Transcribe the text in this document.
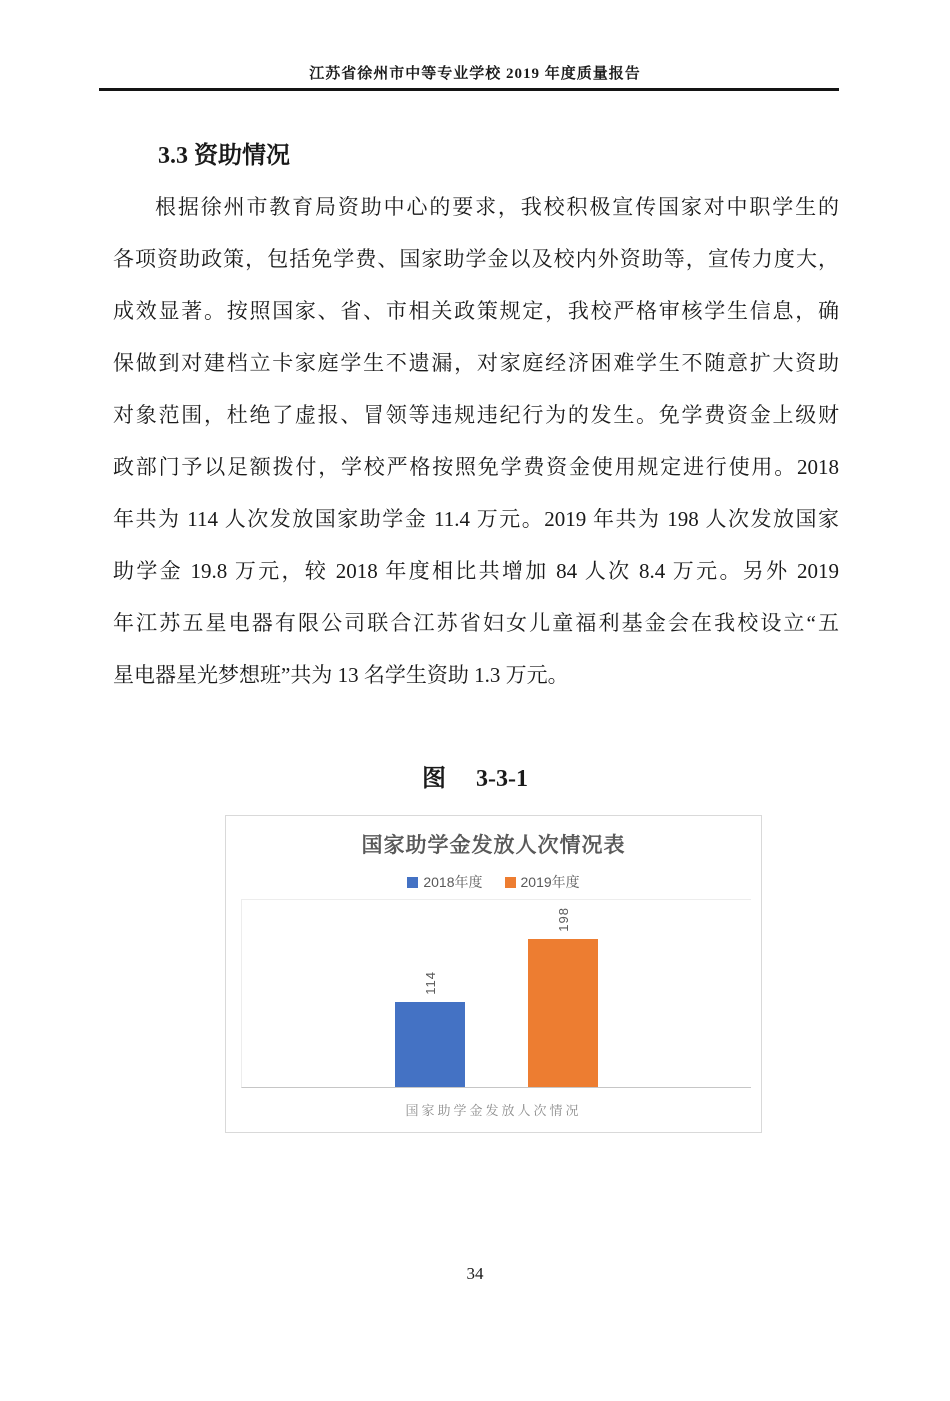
江苏省徐州市中等专业学校 2019 年度质量报告
3.3 资助情况
根据徐州市教育局资助中心的要求，我校积极宣传国家对中职学生的
各项资助政策，包括免学费、国家助学金以及校内外资助等，宣传力度大，
成效显著。按照国家、省、市相关政策规定，我校严格审核学生信息，确
保做到对建档立卡家庭学生不遗漏，对家庭经济困难学生不随意扩大资助
对象范围，杜绝了虚报、冒领等违规违纪行为的发生。免学费资金上级财
政部门予以足额拨付，学校严格按照免学费资金使用规定进行使用。2018
年共为 114 人次发放国家助学金 11.4 万元。2019 年共为 198 人次发放国家
助学金 19.8 万元，较 2018 年度相比共增加 84 人次 8.4 万元。另外 2019
年江苏五星电器有限公司联合江苏省妇女儿童福利基金会在我校设立“五
星电器星光梦想班”共为 13 名学生资助 1.3 万元。
图 3-3-1
国家助学金发放人次情况表
2018年度	2019年度
114
198
国家助学金发放人次情况
34
